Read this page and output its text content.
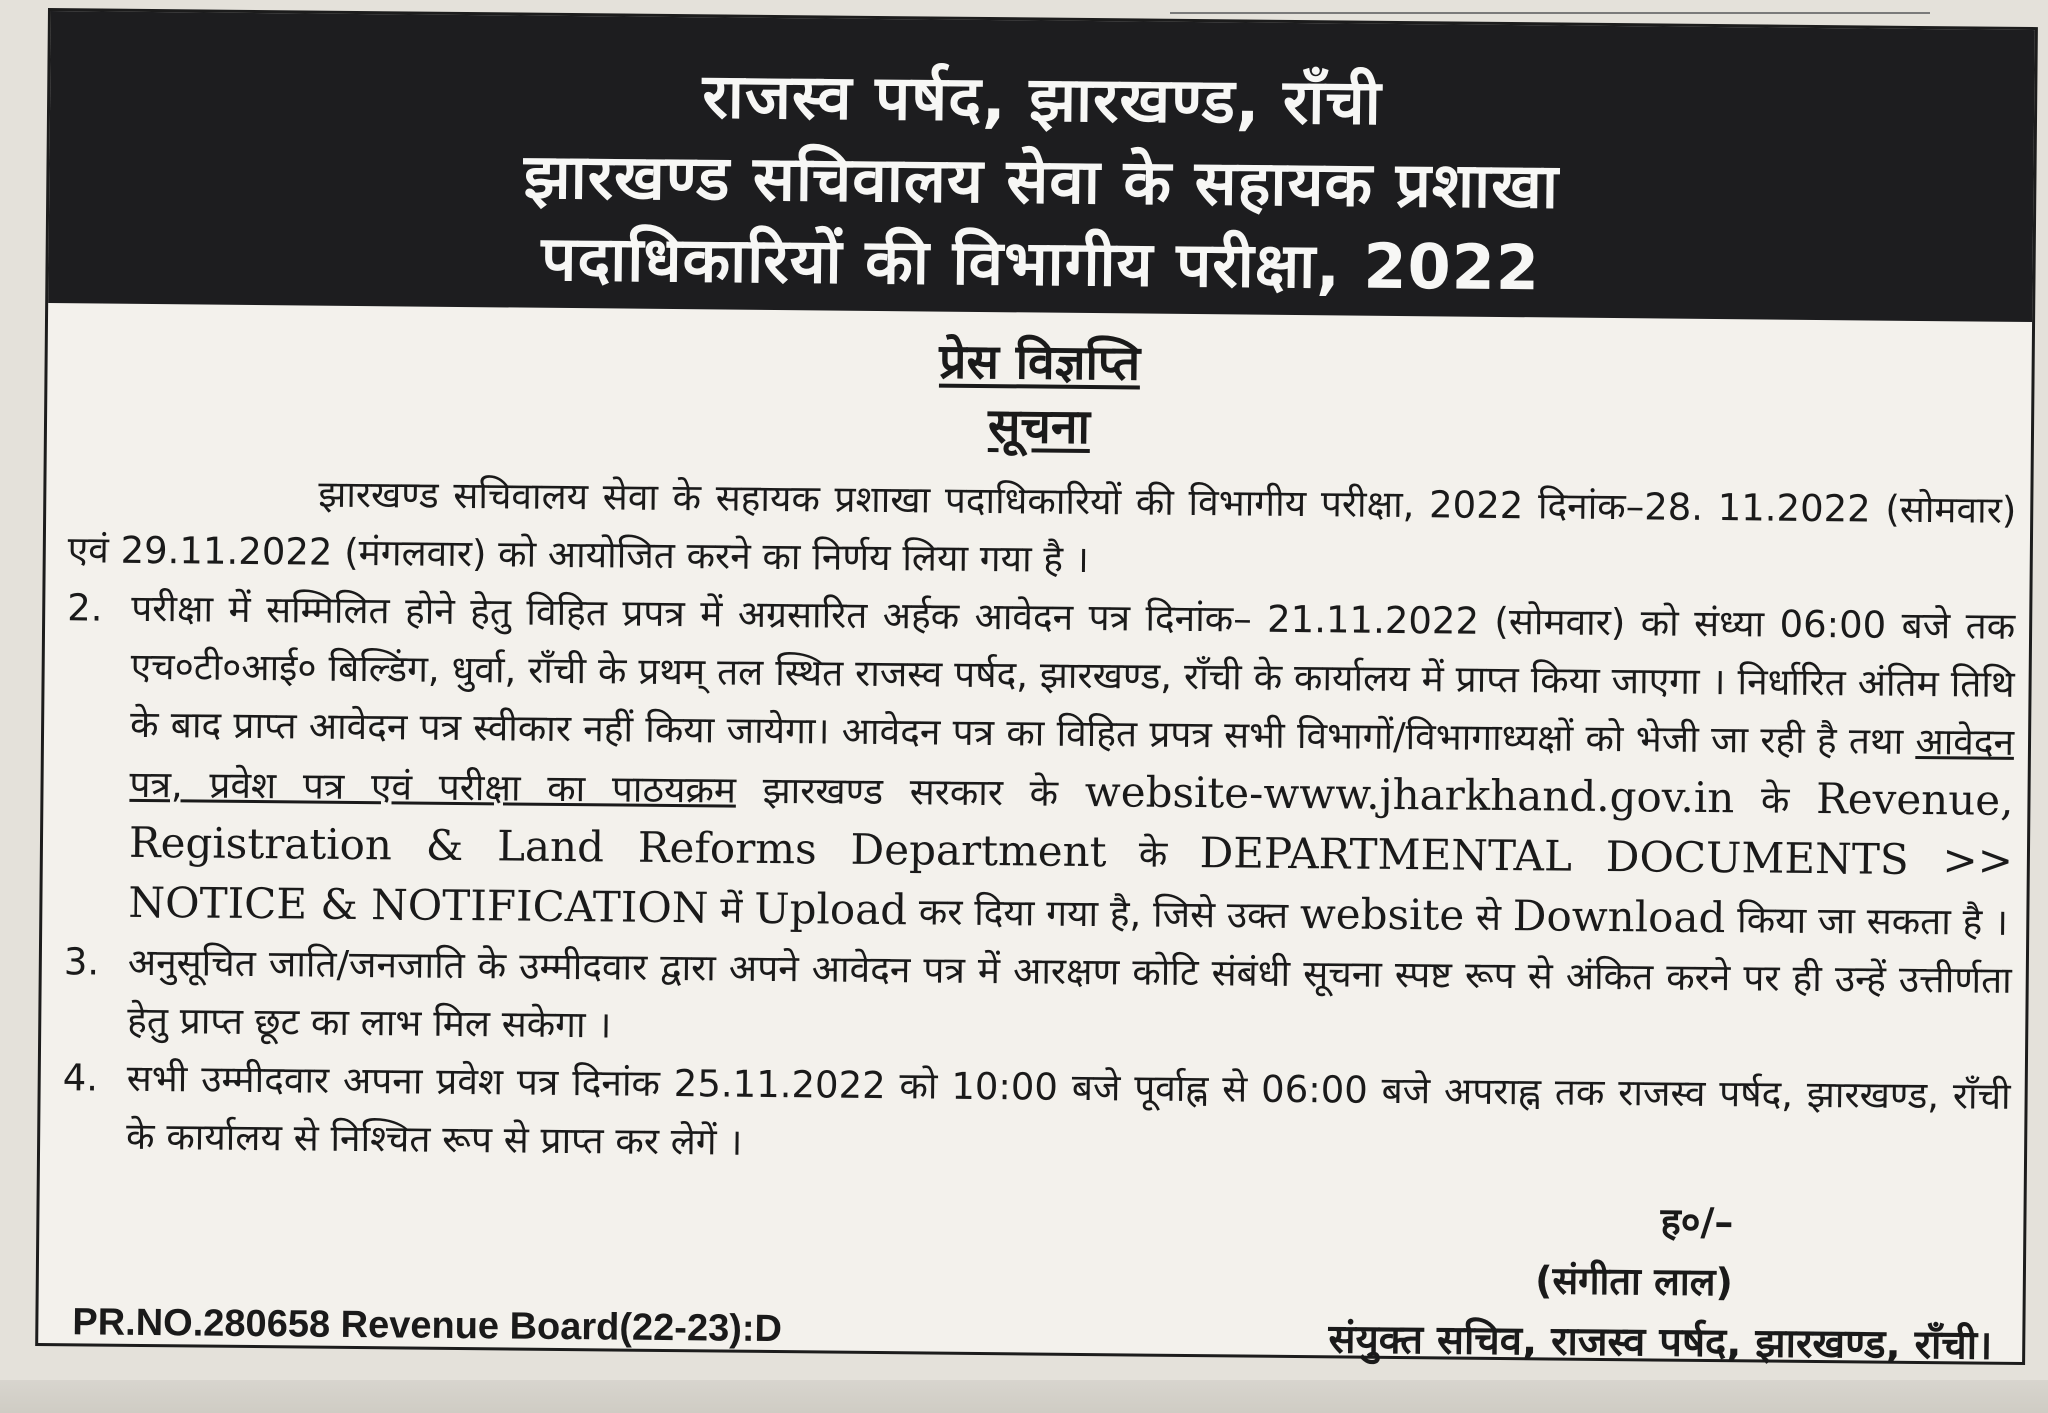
राजस्व पर्षद, झारखण्ड, राँची
झारखण्ड सचिवालय सेवा के सहायक प्रशाखा
पदाधिकारियों की विभागीय परीक्षा, 2022
प्रेस विज्ञप्ति
सूचना

झारखण्ड सचिवालय सेवा के सहायक प्रशाखा पदाधिकारियों की विभागीय परीक्षा, 2022 दिनांक–28. 11.2022 (सोमवार) एवं 29.11.2022 (मंगलवार) को आयोजित करने का निर्णय लिया गया है ।

2. परीक्षा में सम्मिलित होने हेतु विहित प्रपत्र में अग्रसारित अर्हक आवेदन पत्र दिनांक– 21.11.2022 (सोमवार) को संध्या 06:00 बजे तक एच०टी०आई० बिल्डिंग, धुर्वा, राँची के प्रथम् तल स्थित राजस्व पर्षद, झारखण्ड, राँची के कार्यालय में प्राप्त किया जाएगा । निर्धारित अंतिम तिथि के बाद प्राप्त आवेदन पत्र स्वीकार नहीं किया जायेगा। आवेदन पत्र का विहित प्रपत्र सभी विभागों/विभागाध्यक्षों को भेजी जा रही है तथा आवेदन पत्र, प्रवेश पत्र एवं परीक्षा का पाठयक्रम झारखण्ड सरकार के website-www.jharkhand.gov.in के Revenue, Registration & Land Reforms Department के DEPARTMENTAL DOCUMENTS >> NOTICE & NOTIFICATION में Upload कर दिया गया है, जिसे उक्त website से Download किया जा सकता है ।

3. अनुसूचित जाति/जनजाति के उम्मीदवार द्वारा अपने आवेदन पत्र में आरक्षण कोटि संबंधी सूचना स्पष्ट रूप से अंकित करने पर ही उन्हें उत्तीर्णता हेतु प्राप्त छूट का लाभ मिल सकेगा ।

4. सभी उम्मीदवार अपना प्रवेश पत्र दिनांक 25.11.2022 को 10:00 बजे पूर्वाह्न से 06:00 बजे अपराह्न तक राजस्व पर्षद, झारखण्ड, राँची के कार्यालय से निश्चित रूप से प्राप्त कर लेगें ।

ह०/–
(संगीता लाल)
संयुक्त सचिव, राजस्व पर्षद, झारखण्ड, राँची।
PR.NO.280658 Revenue Board(22-23):D
